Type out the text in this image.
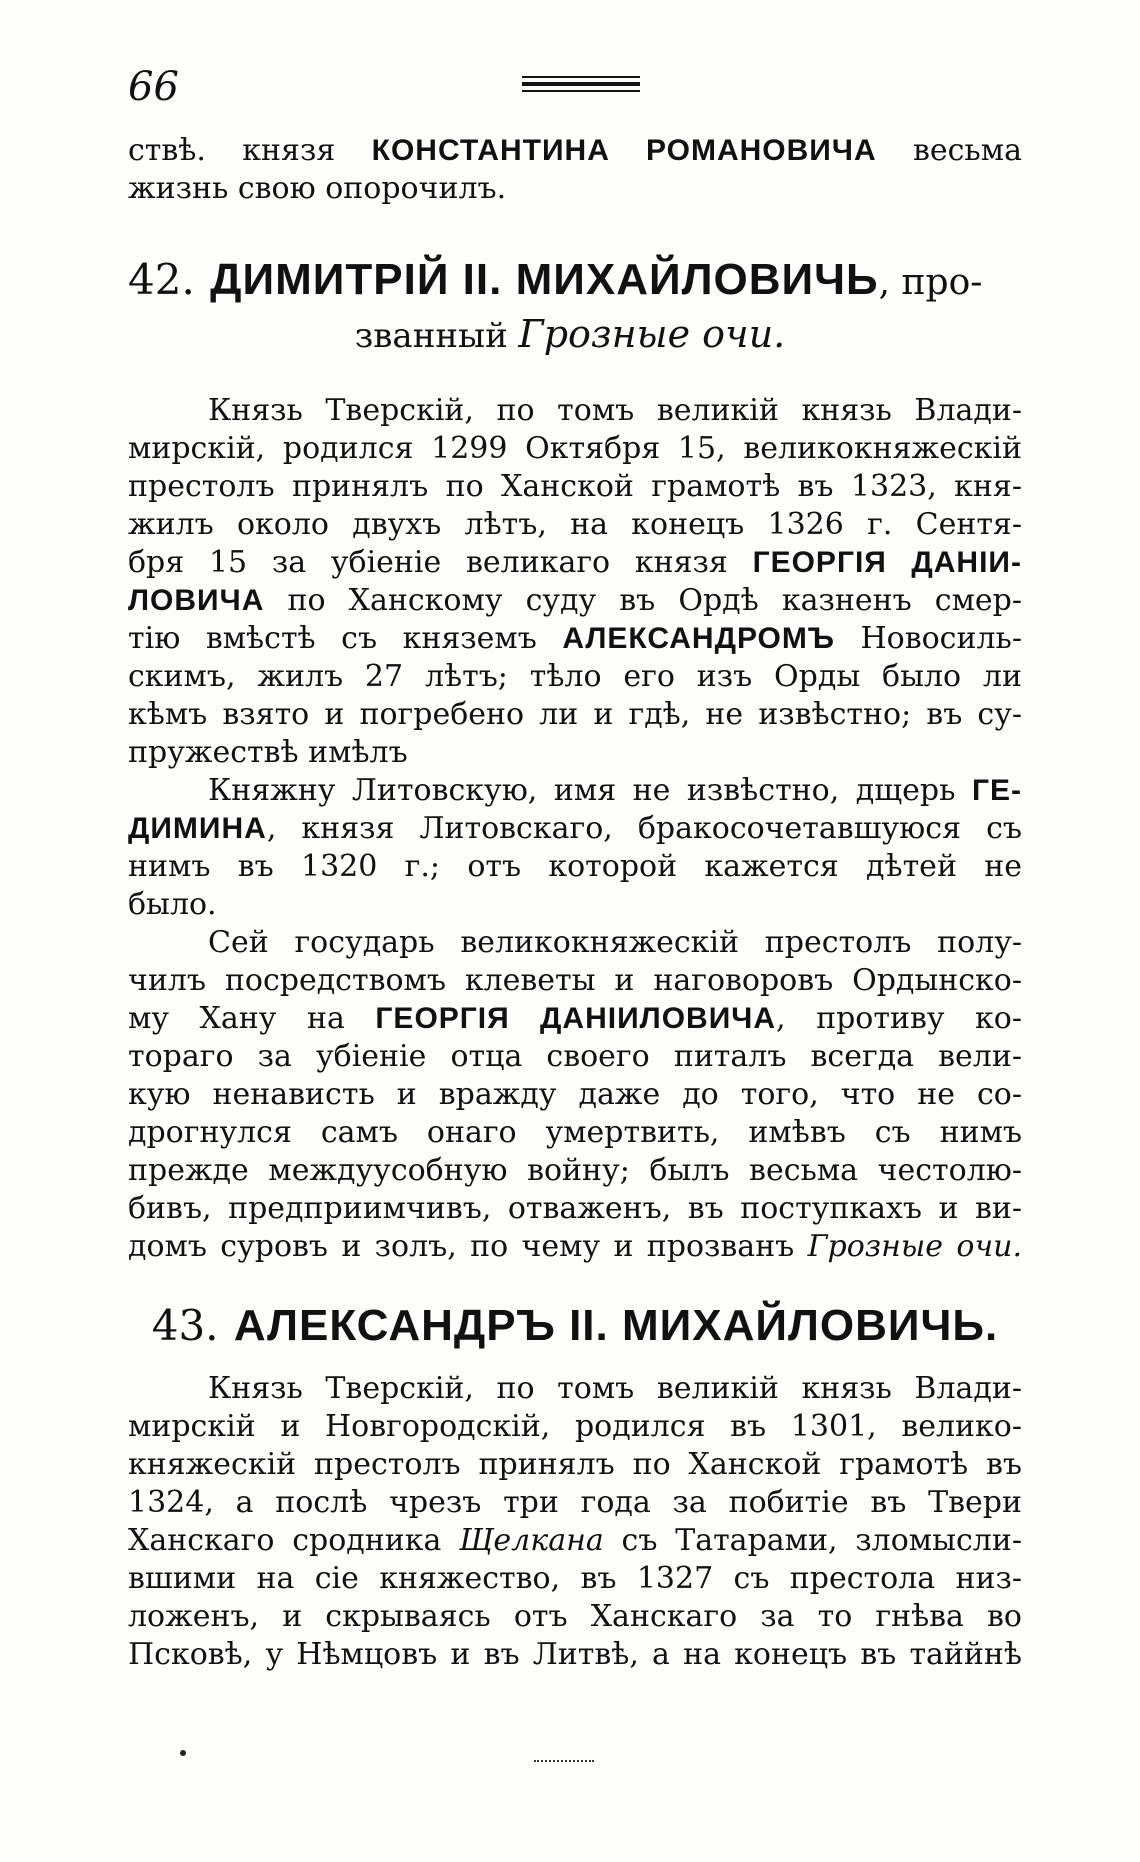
66
ствѣ. князя КОНСТАНТИНА РОМАНОВИЧА весьма
жизнь свою опорочилъ.
42. ДИМИТРІЙ II. МИХАЙЛОВИЧЬ, про-
званный Грозные очи.
Князь Тверскій, по томъ великій князь Влади-
мирскій, родился 1299 Октября 15, великокняжескій
престолъ принялъ по Ханской грамотѣ въ 1323, кня-
жилъ около двухъ лѣтъ, на конецъ 1326 г. Сентя-
бря 15 за убіеніе великаго князя ГЕОРГІЯ ДАНІИ-
ЛОВИЧА по Ханскому суду въ Ордѣ казненъ смер-
тію вмѣстѣ съ княземъ АЛЕКСАНДРОМЪ Новосиль-
скимъ, жилъ 27 лѣтъ; тѣло его изъ Орды было ли
кѣмъ взято и погребено ли и гдѣ, не извѣстно; въ су-
пружествѣ имѣлъ
Княжну Литовскую, имя не извѣстно, дщерь ГЕ-
ДИМИНА, князя Литовскаго, бракосочетавшуюся съ
нимъ въ 1320 г.; отъ которой кажется дѣтей не
было.
Сей государь великокняжескій престолъ полу-
чилъ посредствомъ клеветы и наговоровъ Ордынско-
му Хану на ГЕОРГІЯ ДАНІИЛОВИЧА, противу ко-
тораго за убіеніе отца своего питалъ всегда вели-
кую ненависть и вражду даже до того, что не со-
дрогнулся самъ онаго умертвить, имѣвъ съ нимъ
прежде междуусобную войну; былъ весьма честолю-
бивъ, предприимчивъ, отваженъ, въ поступкахъ и ви-
домъ суровъ и золъ, по чему и прозванъ Грозные очи.
43. АЛЕКСАНДРЪ II. МИХАЙЛОВИЧЬ.
Князь Тверскій, по томъ великій князь Влади-
мирскій и Новгородскій, родился въ 1301, велико-
княжескій престолъ принялъ по Ханской грамотѣ въ
1324, а послѣ чрезъ три года за побитіе въ Твери
Ханскаго сродника Щелкана съ Татарами, зломысли-
вшими на сіе княжество, въ 1327 съ престола низ-
ложенъ, и скрываясь отъ Ханскаго за то гнѣва во
Псковѣ, у Нѣмцовъ и въ Литвѣ, а на конецъ въ таййнѣ
